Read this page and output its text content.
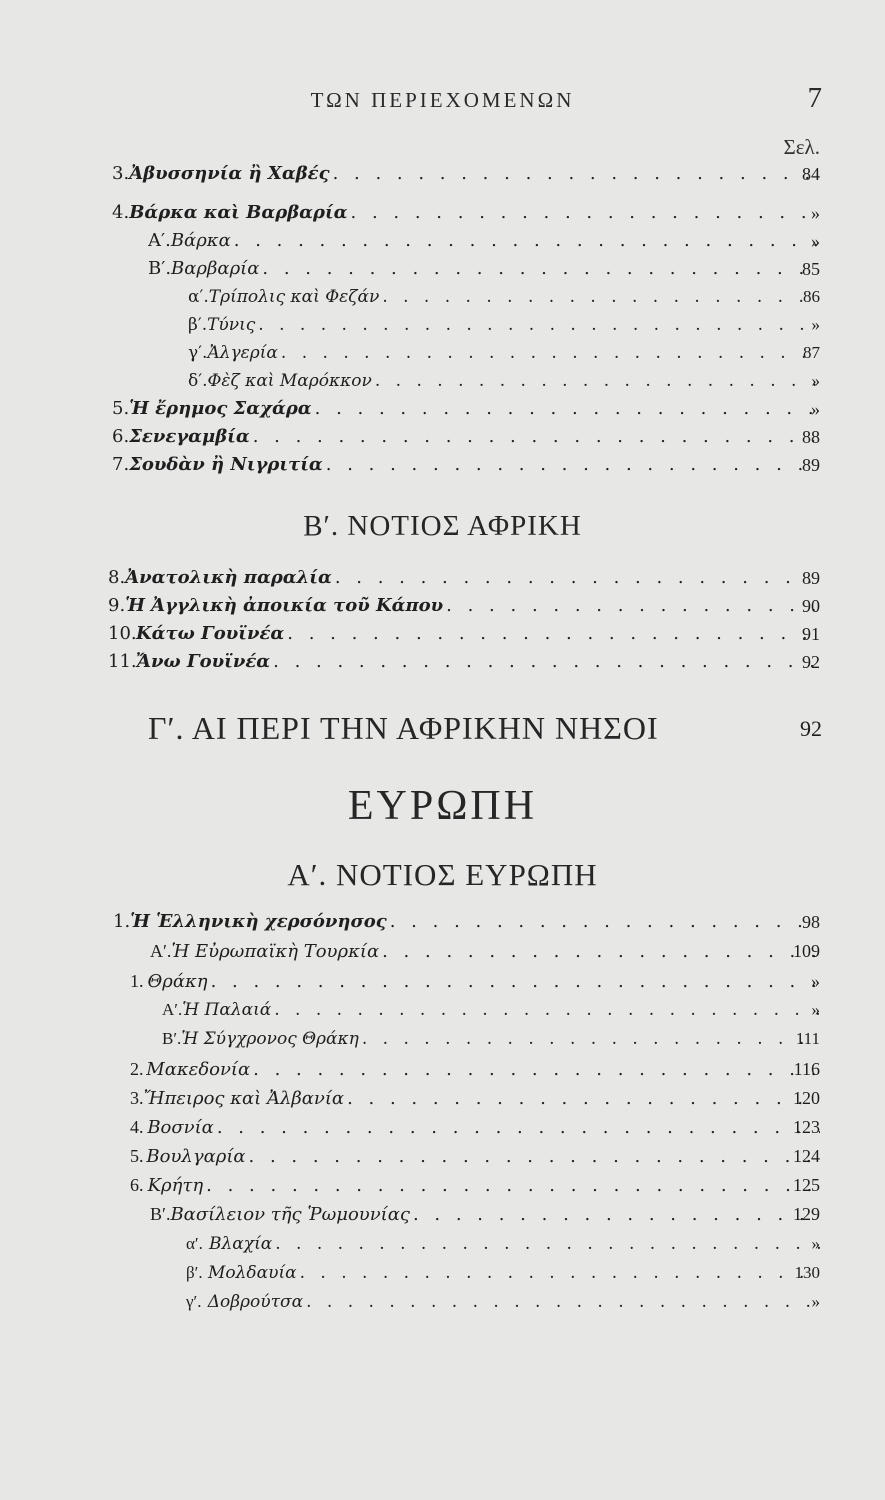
ΤΩΝ ΠΕΡΙΕΧΟΜΕΝΩΝ	7
Σελ.
3. Ἀβυσσηνία ἢ Χαβές . . .	84
4. Βάρκα καὶ Βαρβαρία . . .	»
Α′. Βάρκα . . .	»
Β′. Βαρβαρία . . .	85
α′. Τρίπολις καὶ Φεζάν . . .	86
β′. Τύνις . . .	»
γ′. Ἀλγερία . . .	87
δ′. Φὲζ καὶ Μαρόκκον . . .	»
5. Ἡ ἔρημος Σαχάρα . . .	»
6. Σενεγαμβία . . .	88
7. Σουδὰν ἢ Νιγριτία . . .	89
Β′. ΝΟΤΙΟΣ ΑΦΡΙΚΗ
8. Ἀνατολικὴ παραλία . . .	89
9. Ἡ Ἀγγλικὴ ἀποικία τοῦ Κάπου . . .	90
10. Κάτω Γουϊνέα . . .	91
11. Ἄνω Γουϊνέα . . .	92
Γ′. ΑΙ ΠΕΡΙ ΤΗΝ ΑΦΡΙΚΗΝ ΝΗΣΟΙ	92
ΕΥΡΩΠΗ
Α′. ΝΟΤΙΟΣ ΕΥΡΩΠΗ
1. Ἡ Ἑλληνικὴ χερσόνησος . . .	98
Α′. Ἡ Εὐρωπαϊκὴ Τουρκία . . .	109
1. Θράκη . . .	»
Α′. Ἡ Παλαιά . . .	»
Β′. Ἡ Σύγχρονος Θράκη . . .	111
2. Μακεδονία . . .	116
3. Ἤπειρος καὶ Ἀλβανία . . .	120
4. Βοσνία . . .	123
5. Βουλγαρία . . .	124
6. Κρήτη . . .	125
Β′. Βασίλειον τῆς Ῥωμουνίας . . .	129
α′. Βλαχία . . .	»
β′. Μολδαυία . . .	130
γ′. Δοβρούτσα . . .	»
